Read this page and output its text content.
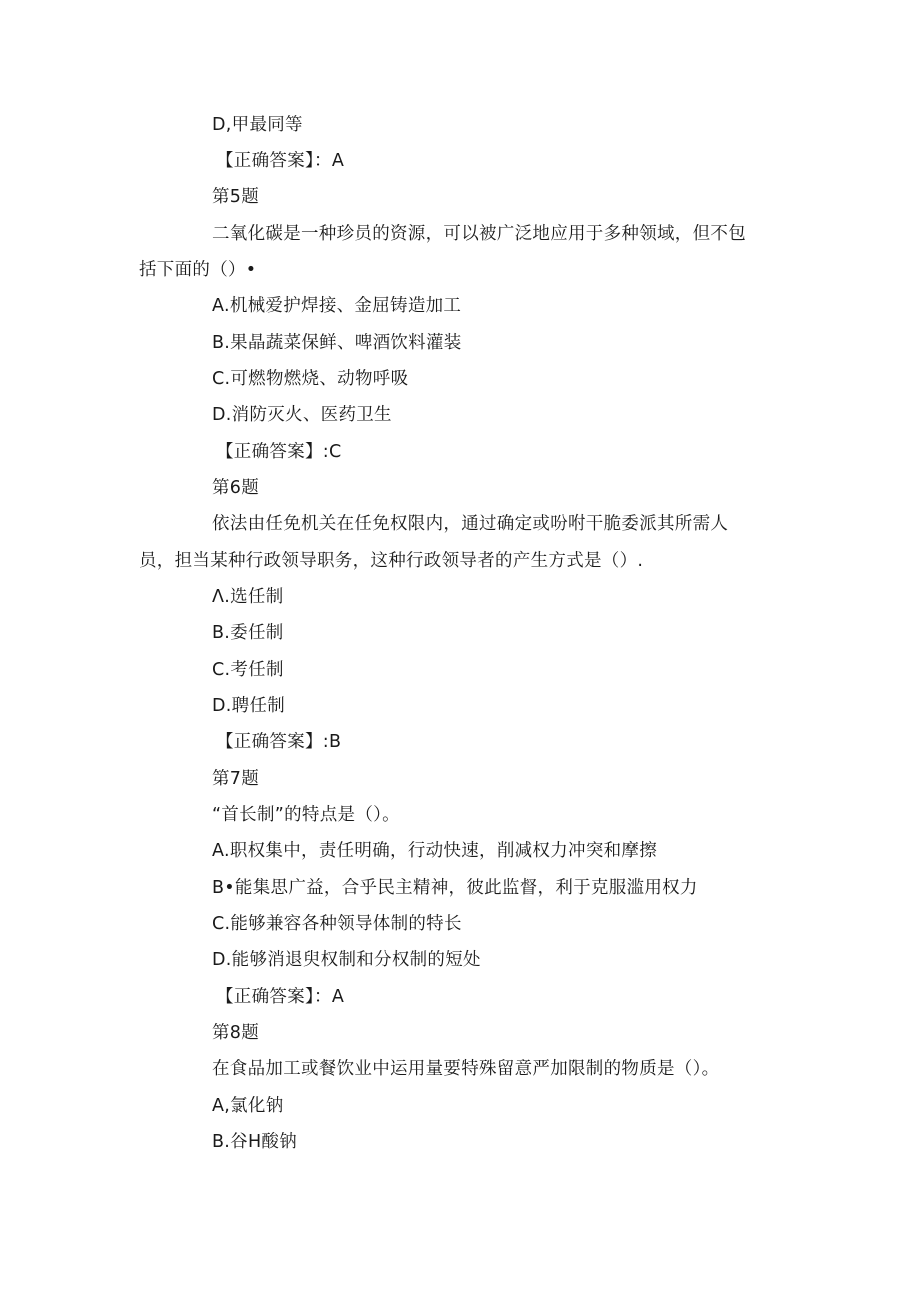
D,甲最同等
【正确答案】：A
第5题
二氧化碳是一种珍员的资源，可以被广泛地应用于多种领域，但不包
括下面的（）•
A.机械爱护焊接、金屈铸造加工
B.果晶蔬菜保鲜、啤酒饮料灌装
C.可燃物燃烧、动物呼吸
D.消防灭火、医药卫生
【正确答案】:C
第6题
依法由任免机关在任免权限内，通过确定或吩咐干脆委派其所需人
员，担当某种行政领导职务，这种行政领导者的产生方式是（）.
Λ.选任制
B.委任制
C.考任制
D.聘任制
【正确答案】:B
第7题
“首长制”的特点是（）。
A.职权集中，责任明确，行动快速，削减权力冲突和摩擦
B•能集思广益，合乎民主精神，彼此监督，利于克服滥用权力
C.能够兼容各种领导体制的特长
D.能够消退臾权制和分权制的短处
【正确答案】：A
第8题
在食品加工或餐饮业中运用量要特殊留意严加限制的物质是（）。
A,氯化钠
B.谷H酸钠
